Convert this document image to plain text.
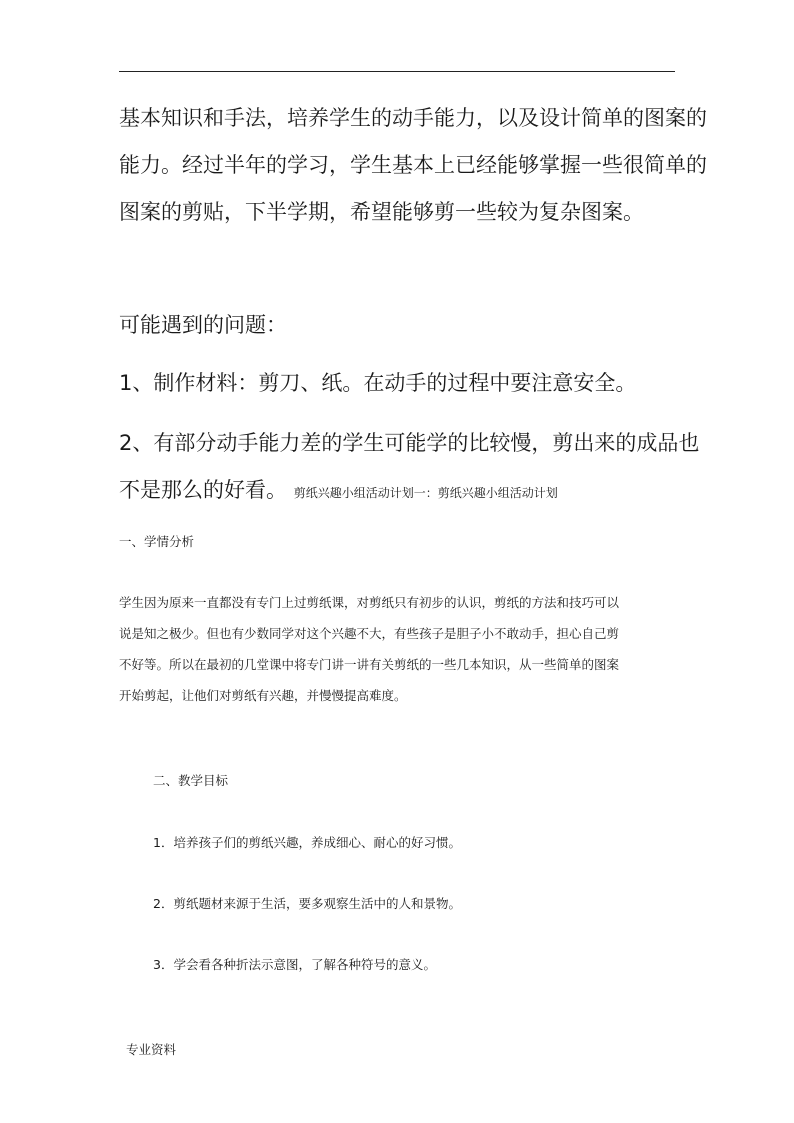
基本知识和手法，培养学生的动手能力，以及设计简单的图案的
能力。经过半年的学习，学生基本上已经能够掌握一些很简单的
图案的剪贴，下半学期，希望能够剪一些较为复杂图案。

可能遇到的问题：

1、制作材料：剪刀、纸。在动手的过程中要注意安全。

2、有部分动手能力差的学生可能学的比较慢，剪出来的成品也
不是那么的好看。 剪纸兴趣小组活动计划一：剪纸兴趣小组活动计划

一、学情分析

学生因为原来一直都没有专门上过剪纸课，对剪纸只有初步的认识，剪纸的方法和技巧可以
说是知之极少。但也有少数同学对这个兴趣不大，有些孩子是胆子小不敢动手，担心自己剪
不好等。所以在最初的几堂课中将专门讲一讲有关剪纸的一些几本知识，从一些简单的图案
开始剪起，让他们对剪纸有兴趣，并慢慢提高难度。

二、教学目标

1．培养孩子们的剪纸兴趣，养成细心、耐心的好习惯。

2．剪纸题材来源于生活，要多观察生活中的人和景物。

3．学会看各种折法示意图，了解各种符号的意义。

专业资料
